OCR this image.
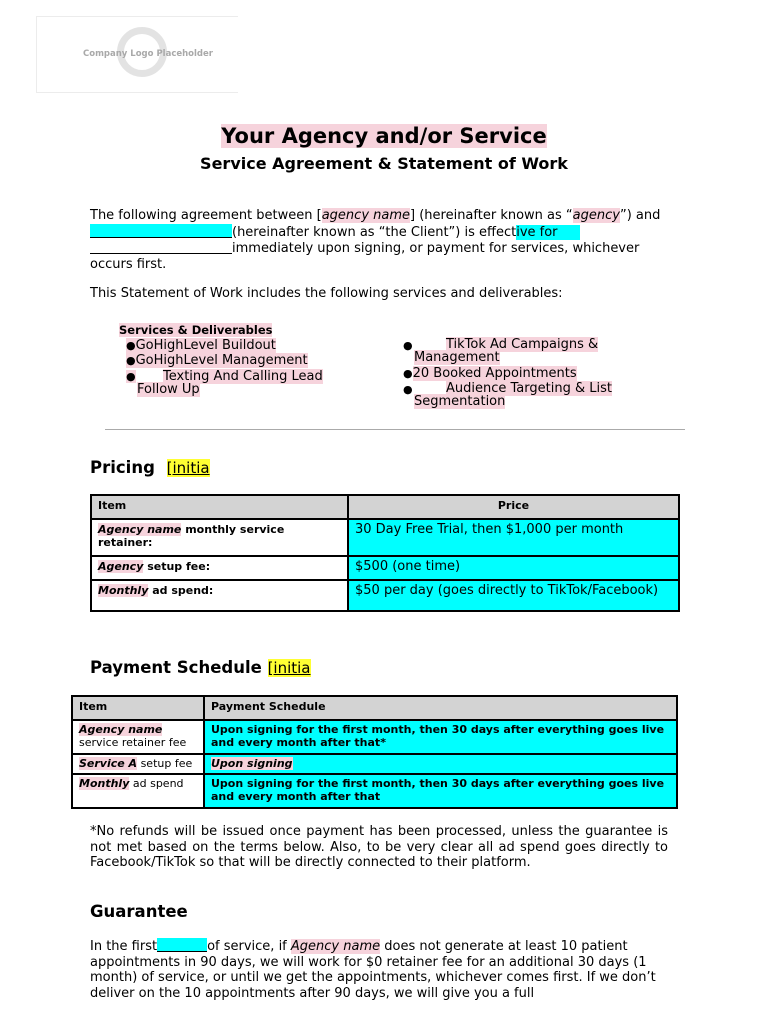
Company Logo Placeholder
Your Agency and/or Service
Service Agreement & Statement of Work
The following agreement between [agency name] (hereinafter known as “agency”) and
(hereinafter known as “the Client”) is effective for
immediately upon signing, or payment for services, whichever occurs first.
This Statement of Work includes the following services and deliverables:
Services & Deliverables
●GoHighLevel Buildout
●GoHighLevel Management
●	Texting And Calling Lead Follow Up
●	TikTok Ad Campaigns & Management
●20 Booked Appointments
●	Audience Targeting & List Segmentation
Pricing [initia
Item	Price
Agency name monthly service retainer:	30 Day Free Trial, then $1,000 per month
Agency setup fee:	$500 (one time)
Monthly ad spend:	$50 per day (goes directly to TikTok/Facebook)
Payment Schedule [initia
Item	Payment Schedule
Agency name
service retainer fee	Upon signing for the first month, then 30 days after everything goes live and every month after that*
Service A setup fee	Upon signing
Monthly ad spend	Upon signing for the first month, then 30 days after everything goes live and every month after that
*No refunds will be issued once payment has been processed, unless the guarantee is not met based on the terms below. Also, to be very clear all ad spend goes directly to Facebook/TikTok so that will be directly connected to their platform.
Guarantee
In the first	of service, if Agency name does not generate at least 10 patient appointments in 90 days, we will work for $0 retainer fee for an additional 30 days (1 month) of service, or until we get the appointments, whichever comes first. If we don’t deliver on the 10 appointments after 90 days, we will give you a full
